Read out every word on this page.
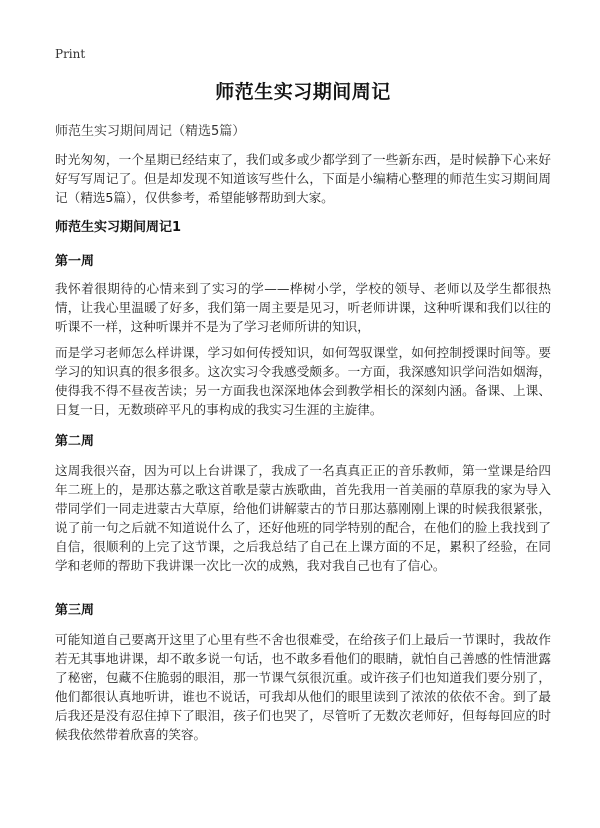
Print
师范生实习期间周记
师范生实习期间周记（精选5篇）

时光匆匆，一个星期已经结束了，我们或多或少都学到了一些新东西，是时候静下心来好好写写周记了。但是却发现不知道该写些什么，下面是小编精心整理的师范生实习期间周记（精选5篇），仅供参考，希望能够帮助到大家。

师范生实习期间周记1
第一周

我怀着很期待的心情来到了实习的学——桦树小学，学校的领导、老师以及学生都很热情，让我心里温暖了好多，我们第一周主要是见习，听老师讲课，这种听课和我们以往的听课不一样，这种听课并不是为了学习老师所讲的知识，

而是学习老师怎么样讲课，学习如何传授知识，如何驾驭课堂，如何控制授课时间等。要学习的知识真的很多很多。这次实习令我感受颇多。一方面，我深感知识学问浩如烟海，使得我不得不昼夜苦读；另一方面我也深深地体会到教学相长的深刻内涵。备课、上课、日复一日，无数琐碎平凡的事构成的我实习生涯的主旋律。

第二周

这周我很兴奋，因为可以上台讲课了，我成了一名真真正正的音乐教师，第一堂课是给四年二班上的，是那达慕之歌这首歌是蒙古族歌曲，首先我用一首美丽的草原我的家为导入带同学们一同走进蒙古大草原，给他们讲解蒙古的节日那达慕刚刚上课的时候我很紧张，说了前一句之后就不知道说什么了，还好他班的同学特别的配合，在他们的脸上我找到了自信，很顺利的上完了这节课，之后我总结了自己在上课方面的不足，累积了经验，在同学和老师的帮助下我讲课一次比一次的成熟，我对我自己也有了信心。

第三周

可能知道自己要离开这里了心里有些不舍也很难受，在给孩子们上最后一节课时，我故作若无其事地讲课，却不敢多说一句话，也不敢多看他们的眼睛，就怕自己善感的性情泄露了秘密，包藏不住脆弱的眼泪，那一节课气氛很沉重。或许孩子们也知道我们要分别了，他们都很认真地听讲，谁也不说话，可我却从他们的眼里读到了浓浓的依依不舍。到了最后我还是没有忍住掉下了眼泪，孩子们也哭了，尽管听了无数次老师好，但每每回应的时候我依然带着欣喜的笑容。
